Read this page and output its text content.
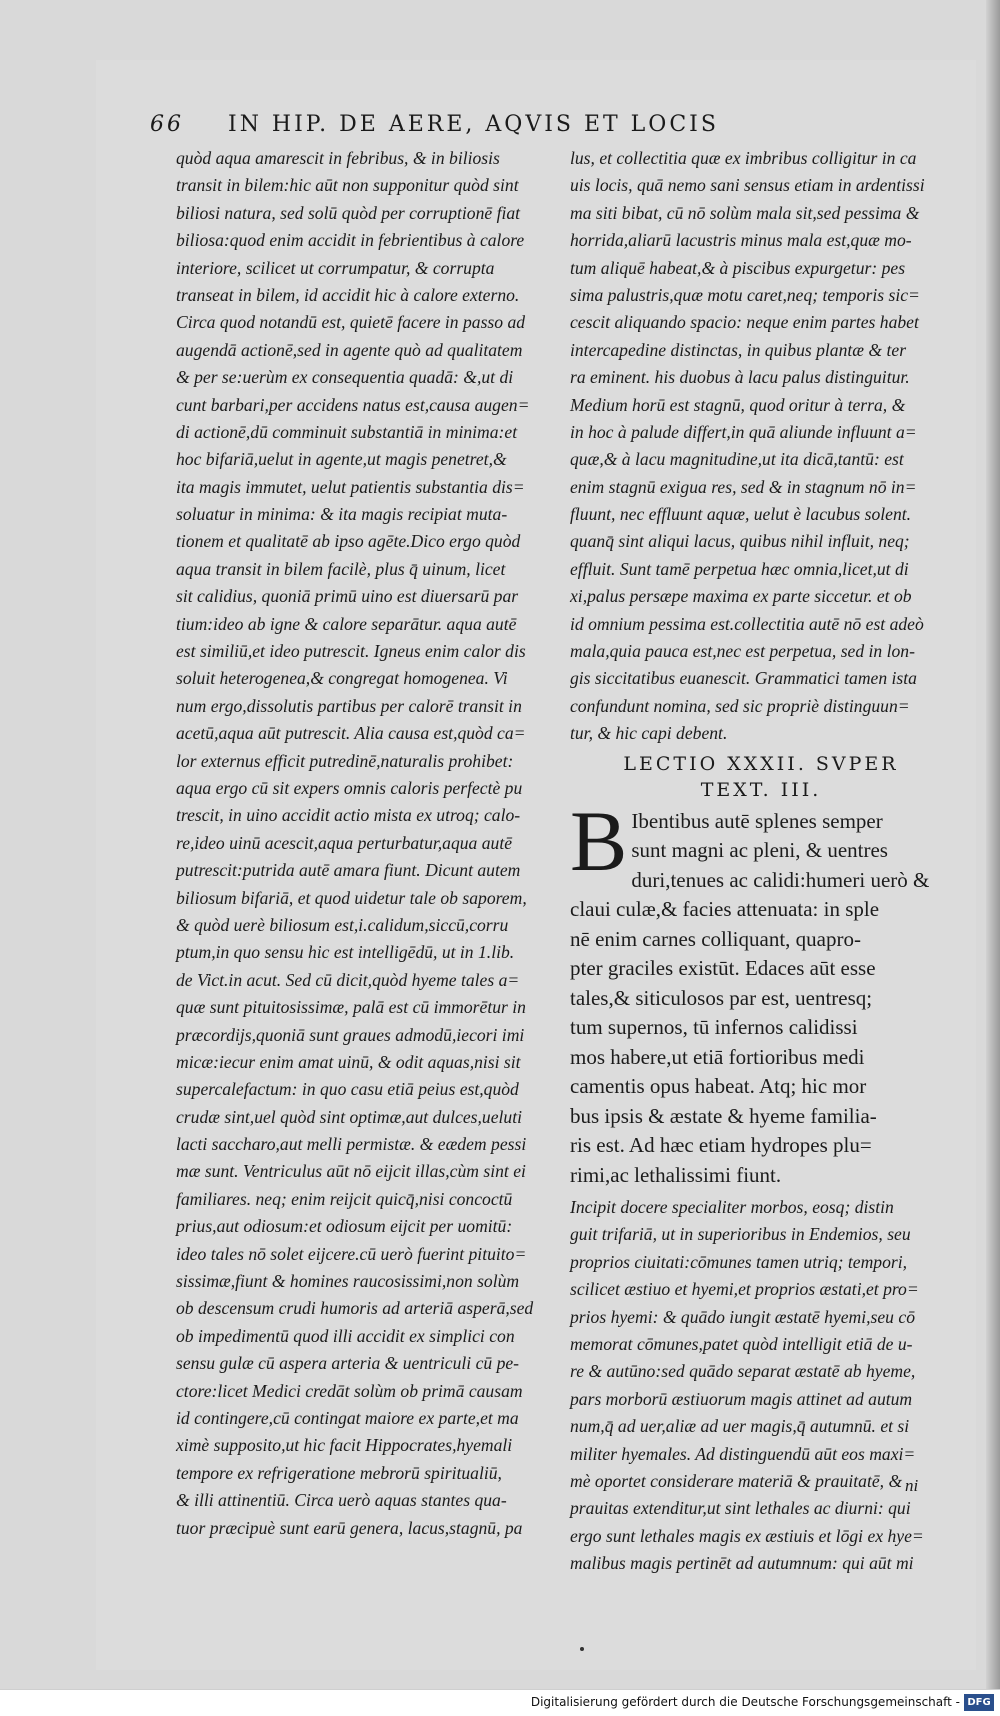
66 IN HIP. DE AERE, AQVIS ET LOCIS
quòd aqua amarescit in febribus, & in biliosis
transit in bilem:hic aūt non supponitur quòd sint
biliosi natura, sed solū quòd per corruptionē fiat
biliosa:quod enim accidit in febrientibus à calore
interiore, scilicet ut corrumpatur, & corrupta
transeat in bilem, id accidit hic à calore externo.
Circa quod notandū est, quietē facere in passo ad
augendā actionē,sed in agente quò ad qualitatem
& per se:uerùm ex consequentia quadā: &,ut di
cunt barbari,per accidens natus est,causa augen=
di actionē,dū comminuit substantiā in minima:et
hoc bifariā,uelut in agente,ut magis penetret,&
ita magis immutet, uelut patientis substantia dis=
soluatur in minima: & ita magis recipiat muta-
tionem et qualitatē ab ipso agēte.Dico ergo quòd
aqua transit in bilem facilè, plus q̄ uinum, licet
sit calidius, quoniā primū uino est diuersarū par
tium:ideo ab igne & calore separātur. aqua autē
est similiū,et ideo putrescit. Igneus enim calor dis
soluit heterogenea,& congregat homogenea. Vi
num ergo,dissolutis partibus per calorē transit in
acetū,aqua aūt putrescit. Alia causa est,quòd ca=
lor externus efficit putredinē,naturalis prohibet:
aqua ergo cū sit expers omnis caloris perfectè pu
trescit, in uino accidit actio mista ex utroq; calo-
re,ideo uinū acescit,aqua perturbatur,aqua autē
putrescit:putrida autē amara fiunt. Dicunt autem
biliosum bifariā, et quod uidetur tale ob saporem,
& quòd uerè biliosum est,i.calidum,siccū,corru
ptum,in quo sensu hic est intelligēdū, ut in 1.lib.
de Vict.in acut. Sed cū dicit,quòd hyeme tales a=
quæ sunt pituitosissimæ, palā est cū immorētur in
præcordijs,quoniā sunt graues admodū,iecori imi
micæ:iecur enim amat uinū, & odit aquas,nisi sit
supercalefactum: in quo casu etiā peius est,quòd
crudæ sint,uel quòd sint optimæ,aut dulces,ueluti
lacti saccharo,aut melli permistæ. & eædem pessi
mæ sunt. Ventriculus aūt nō eijcit illas,cùm sint ei
familiares. neq; enim reijcit quicq̄,nisi concoctū
prius,aut odiosum:et odiosum eijcit per uomitū:
ideo tales nō solet eijcere.cū uerò fuerint pituito=
sissimæ,fiunt & homines raucosissimi,non solùm
ob descensum crudi humoris ad arteriā asperā,sed
ob impedimentū quod illi accidit ex simplici con
sensu gulæ cū aspera arteria & uentriculi cū pe-
ctore:licet Medici credāt solùm ob primā causam
id contingere,cū contingat maiore ex parte,et ma
ximè supposito,ut hic facit Hippocrates,hyemali
tempore ex refrigeratione mebrorū spiritualiū,
& illi attinentiū. Circa uerò aquas stantes qua-
tuor præcipuè sunt earū genera, lacus,stagnū, pa
lus, et collectitia quæ ex imbribus colligitur in ca
uis locis, quā nemo sani sensus etiam in ardentissi
ma siti bibat, cū nō solùm mala sit,sed pessima &
horrida,aliarū lacustris minus mala est,quæ mo-
tum aliquē habeat,& à piscibus expurgetur: pes
sima palustris,quæ motu caret,neq; temporis sic=
cescit aliquando spacio: neque enim partes habet
intercapedine distinctas, in quibus plantæ & ter
ra eminent. his duobus à lacu palus distinguitur.
Medium horū est stagnū, quod oritur à terra, &
in hoc à palude differt,in quā aliunde influunt a=
quæ,& à lacu magnitudine,ut ita dicā,tantū: est
enim stagnū exigua res, sed & in stagnum nō in=
fluunt, nec effluunt aquæ, uelut è lacubus solent.
quanq̄ sint aliqui lacus, quibus nihil influit, neq;
effluit. Sunt tamē perpetua hæc omnia,licet,ut di
xi,palus persæpe maxima ex parte siccetur. et ob
id omnium pessima est.collectitia autē nō est adeò
mala,quia pauca est,nec est perpetua, sed in lon-
gis siccitatibus euanescit. Grammatici tamen ista
confundunt nomina, sed sic propriè distinguun=
tur, & hic capi debent.
LECTIO XXXII. SVPER
TEXT. III.
B Ibentibus autē splenes semper
sunt magni ac pleni, & uentres
duri,tenues ac calidi:humeri uerò &
claui culæ,& facies attenuata: in sple
nē enim carnes colliquant, quapro-
pter graciles existūt. Edaces aūt esse
tales,& siticulosos par est, uentresq;
tum supernos, tū infernos calidissi
mos habere,ut etiā fortioribus medi
camentis opus habeat. Atq; hic mor
bus ipsis & æstate & hyeme familia-
ris est. Ad hæc etiam hydropes plu=
rimi,ac lethalissimi fiunt.
Incipit docere specialiter morbos, eosq; distin
guit trifariā, ut in superioribus in Endemios, seu
proprios ciuitati:cōmunes tamen utriq; tempori,
scilicet æstiuo et hyemi,et proprios æstati,et pro=
prios hyemi: & quādo iungit æstatē hyemi,seu cō
memorat cōmunes,patet quòd intelligit etiā de u-
re & autūno:sed quādo separat æstatē ab hyeme,
pars morborū æstiuorum magis attinet ad autum
num,q̄ ad uer,aliæ ad uer magis,q̄ autumnū. et si
militer hyemales. Ad distinguendū aūt eos maxi=
mè oportet considerare materiā & prauitatē, &
prauitas extenditur,ut sint lethales ac diurni: qui
ergo sunt lethales magis ex æstiuis et lōgi ex hye=
malibus magis pertinēt ad autumnum: qui aūt mi
ni
Digitalisierung gefördert durch die Deutsche Forschungsgemeinschaft - DFG
